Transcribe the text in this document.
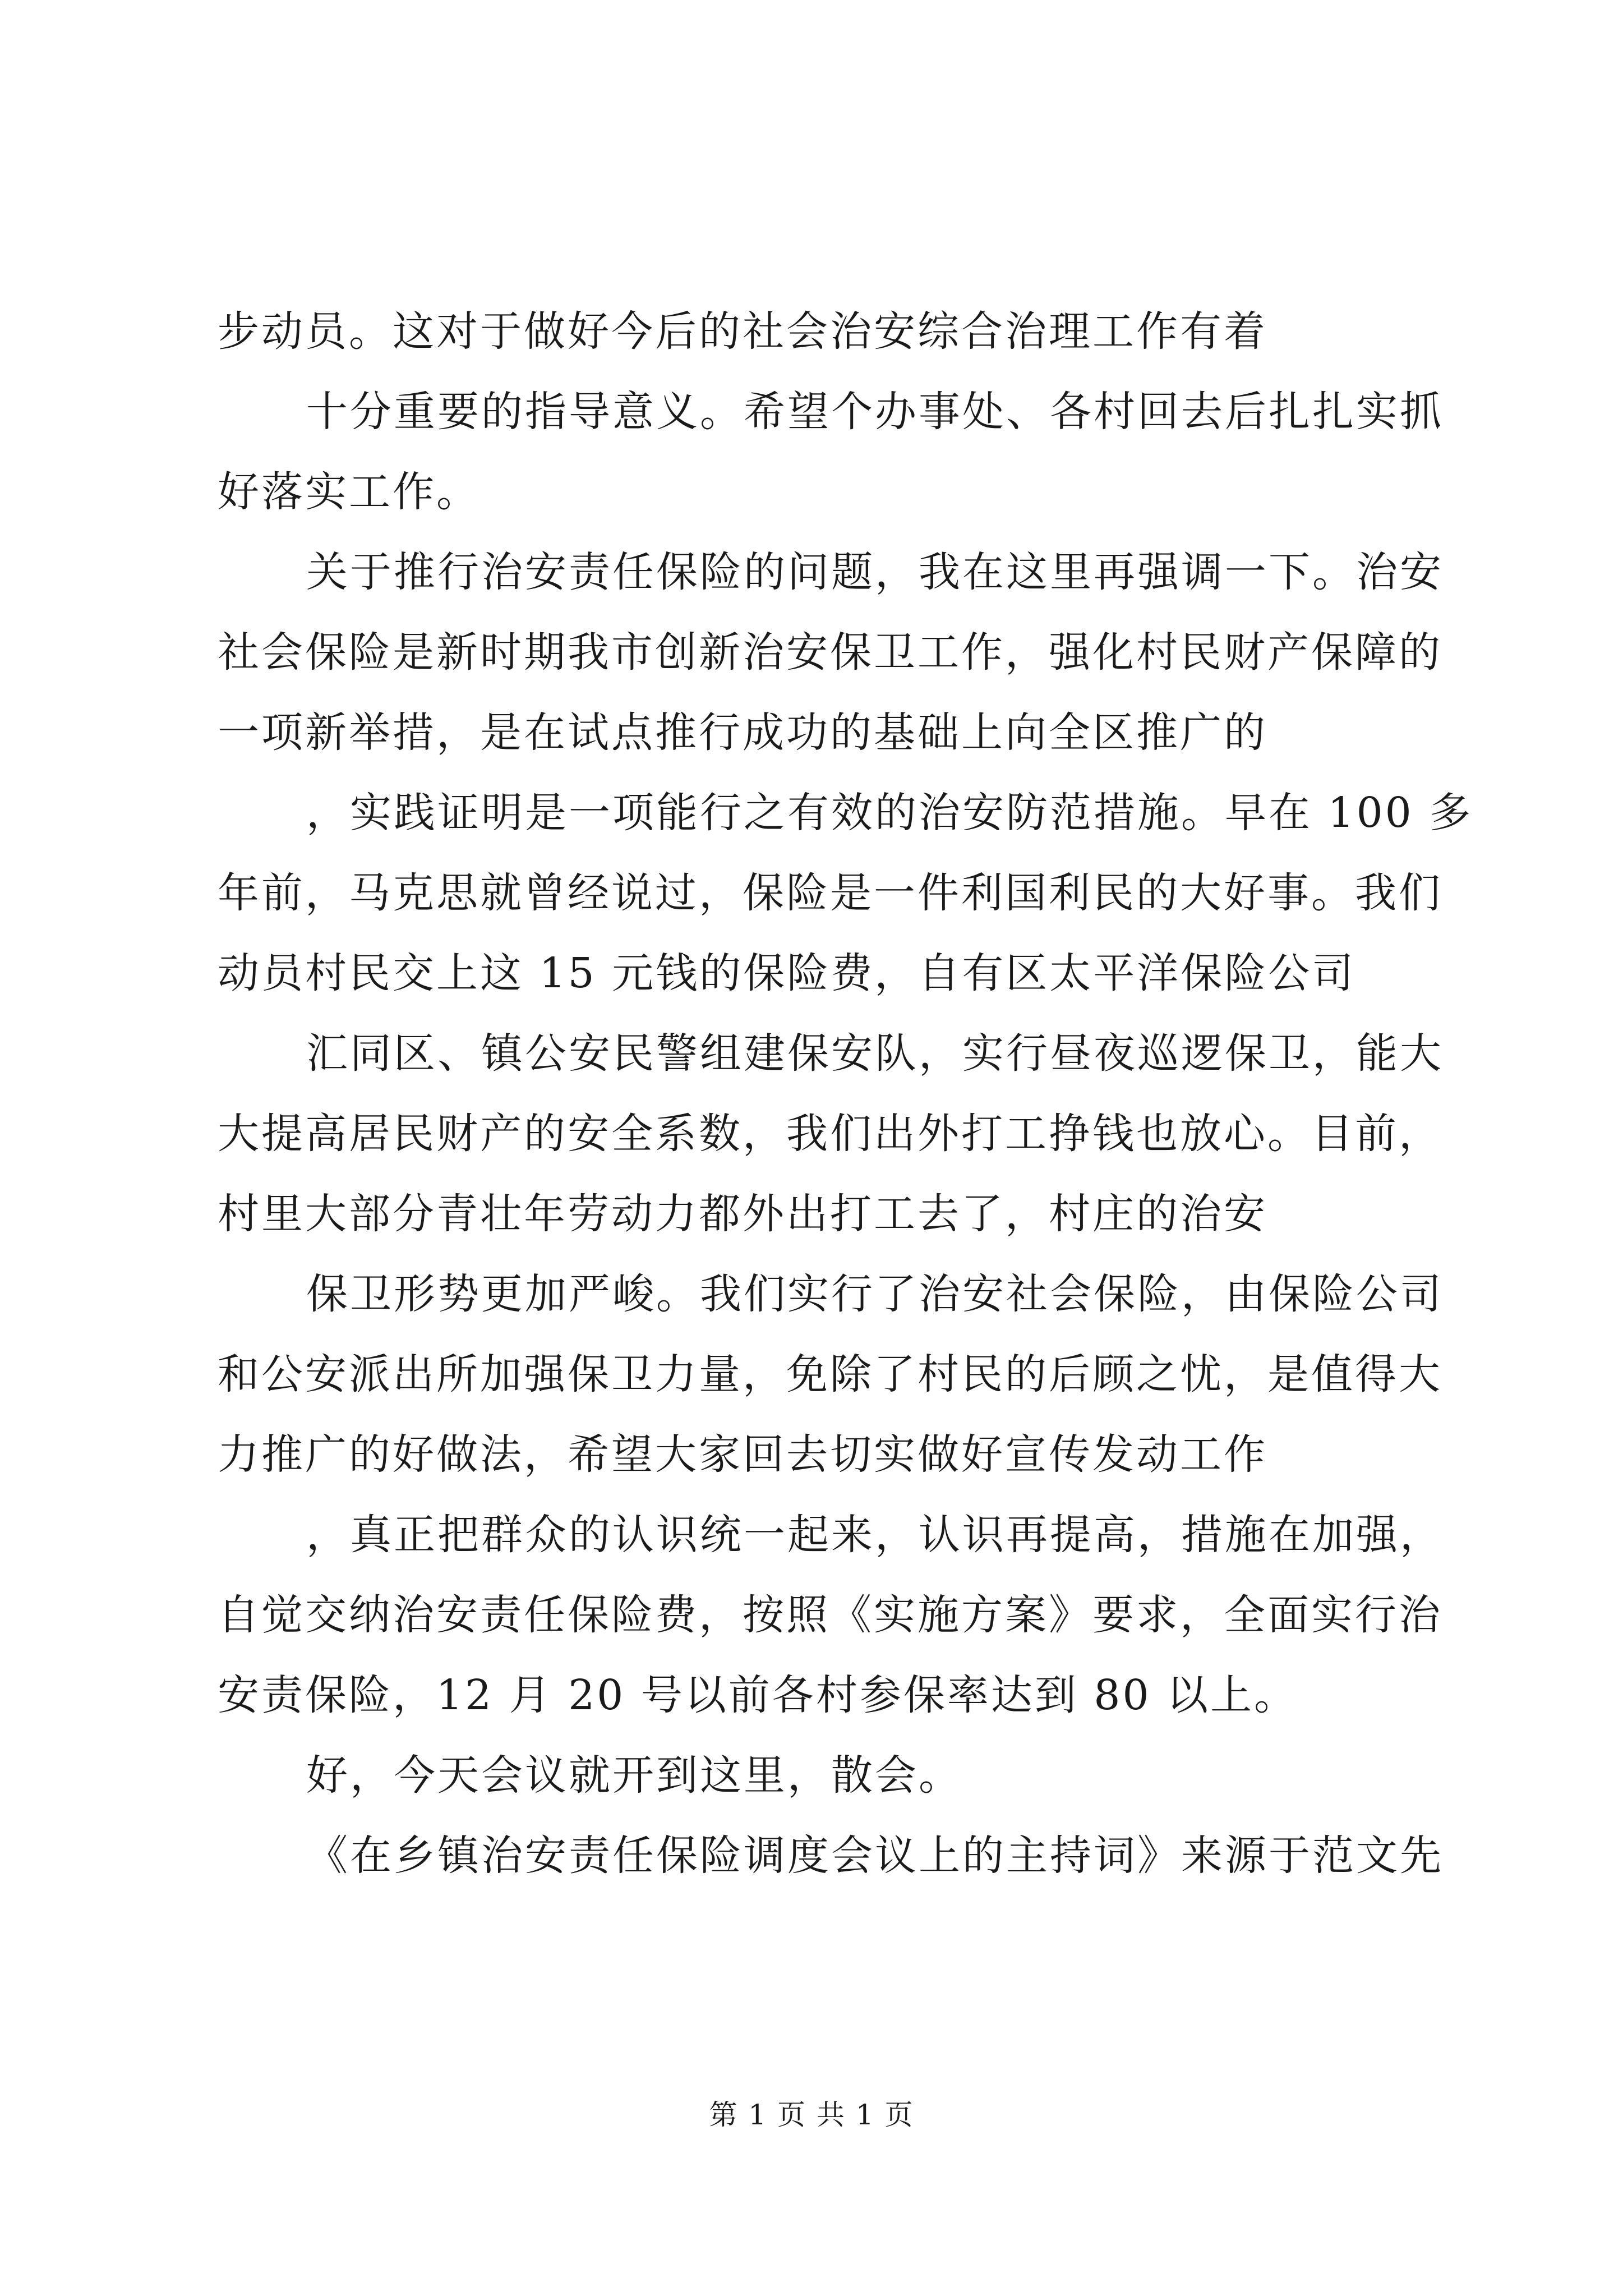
步动员。这对于做好今后的社会治安综合治理工作有着
十分重要的指导意义。希望个办事处、各村回去后扎扎实抓
好落实工作。
关于推行治安责任保险的问题，我在这里再强调一下。治安
社会保险是新时期我市创新治安保卫工作，强化村民财产保障的
一项新举措，是在试点推行成功的基础上向全区推广的
，实践证明是一项能行之有效的治安防范措施。早在 100 多
年前，马克思就曾经说过，保险是一件利国利民的大好事。我们
动员村民交上这 15 元钱的保险费，自有区太平洋保险公司
汇同区、镇公安民警组建保安队，实行昼夜巡逻保卫，能大
大提高居民财产的安全系数，我们出外打工挣钱也放心。目前，
村里大部分青壮年劳动力都外出打工去了，村庄的治安
保卫形势更加严峻。我们实行了治安社会保险，由保险公司
和公安派出所加强保卫力量，免除了村民的后顾之忧，是值得大
力推广的好做法，希望大家回去切实做好宣传发动工作
，真正把群众的认识统一起来，认识再提高，措施在加强，
自觉交纳治安责任保险费，按照《实施方案》要求，全面实行治
安责保险，12 月 20 号以前各村参保率达到 80 以上。
好，今天会议就开到这里，散会。
《在乡镇治安责任保险调度会议上的主持词》来源于范文先
第 1 页 共 1 页
